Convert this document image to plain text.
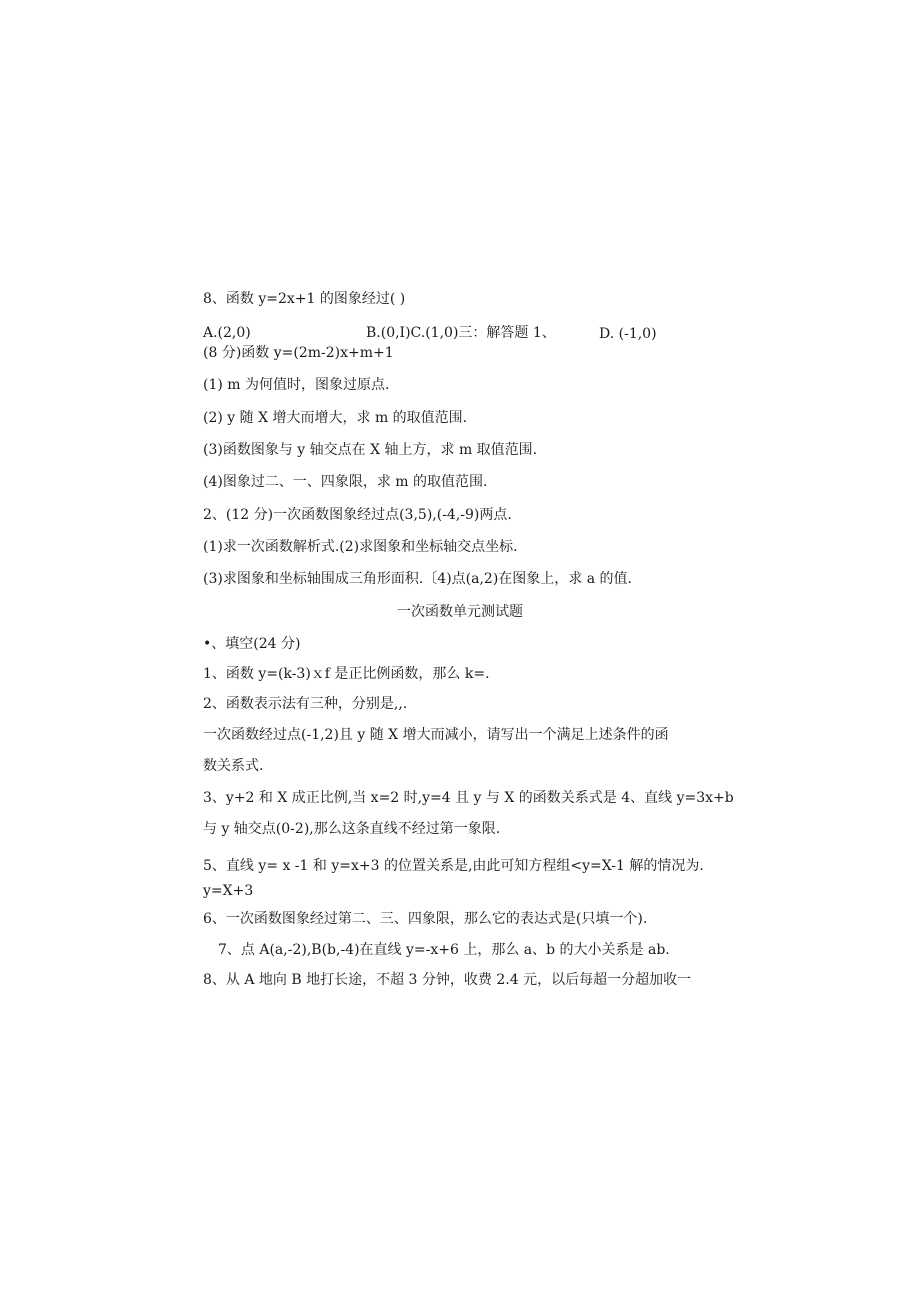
8、函数 y=2x+1 的图象经过( )
A.(2,0)	B.(0,I)C.(1,0)三：解答题 1、	D. (-1,0)
(8 分)函数 y=(2m-2)x+m+1
(1) m 为何值时，图象过原点.
(2) y 随 X 增大而增大，求 m 的取值范围.
(3)函数图象与 y 轴交点在 X 轴上方，求 m 取值范围.
(4)图象过二、一、四象限，求 m 的取值范围.
2、(12 分)一次函数图象经过点(3,5),(-4,-9)两点.
(1)求一次函数解析式.(2)求图象和坐标轴交点坐标.
(3)求图象和坐标轴围成三角形面积.〔4)点(a,2)在图象上，求 a 的值.
一次函数单元测试题
•、填空(24 分)
1、函数 y=(k-3)ｘf 是正比例函数，那么 k=.
2、函数表示法有三种，分别是,,.
一次函数经过点(-1,2)且 y 随 X 增大而减小，请写出一个满足上述条件的函
数关系式.
3、y+2 和 X 成正比例,当 x=2 时,y=4 且 y 与 X 的函数关系式是 4、直线 y=3x+b
与 y 轴交点(0-2),那么这条直线不经过第一象限.
5、直线 y= x -1 和 y=x+3 的位置关系是,由此可知方程组<y=X-1 解的情况为.
y=X+3
6、一次函数图象经过第二、三、四象限，那么它的表达式是(只填一个).
7、点 A(a,-2),B(b,-4)在直线 y=-x+6 上，那么 a、b 的大小关系是 ab.
8、从 A 地向 B 地打长途，不超 3 分钟，收费 2.4 元，以后每超一分超加收一
